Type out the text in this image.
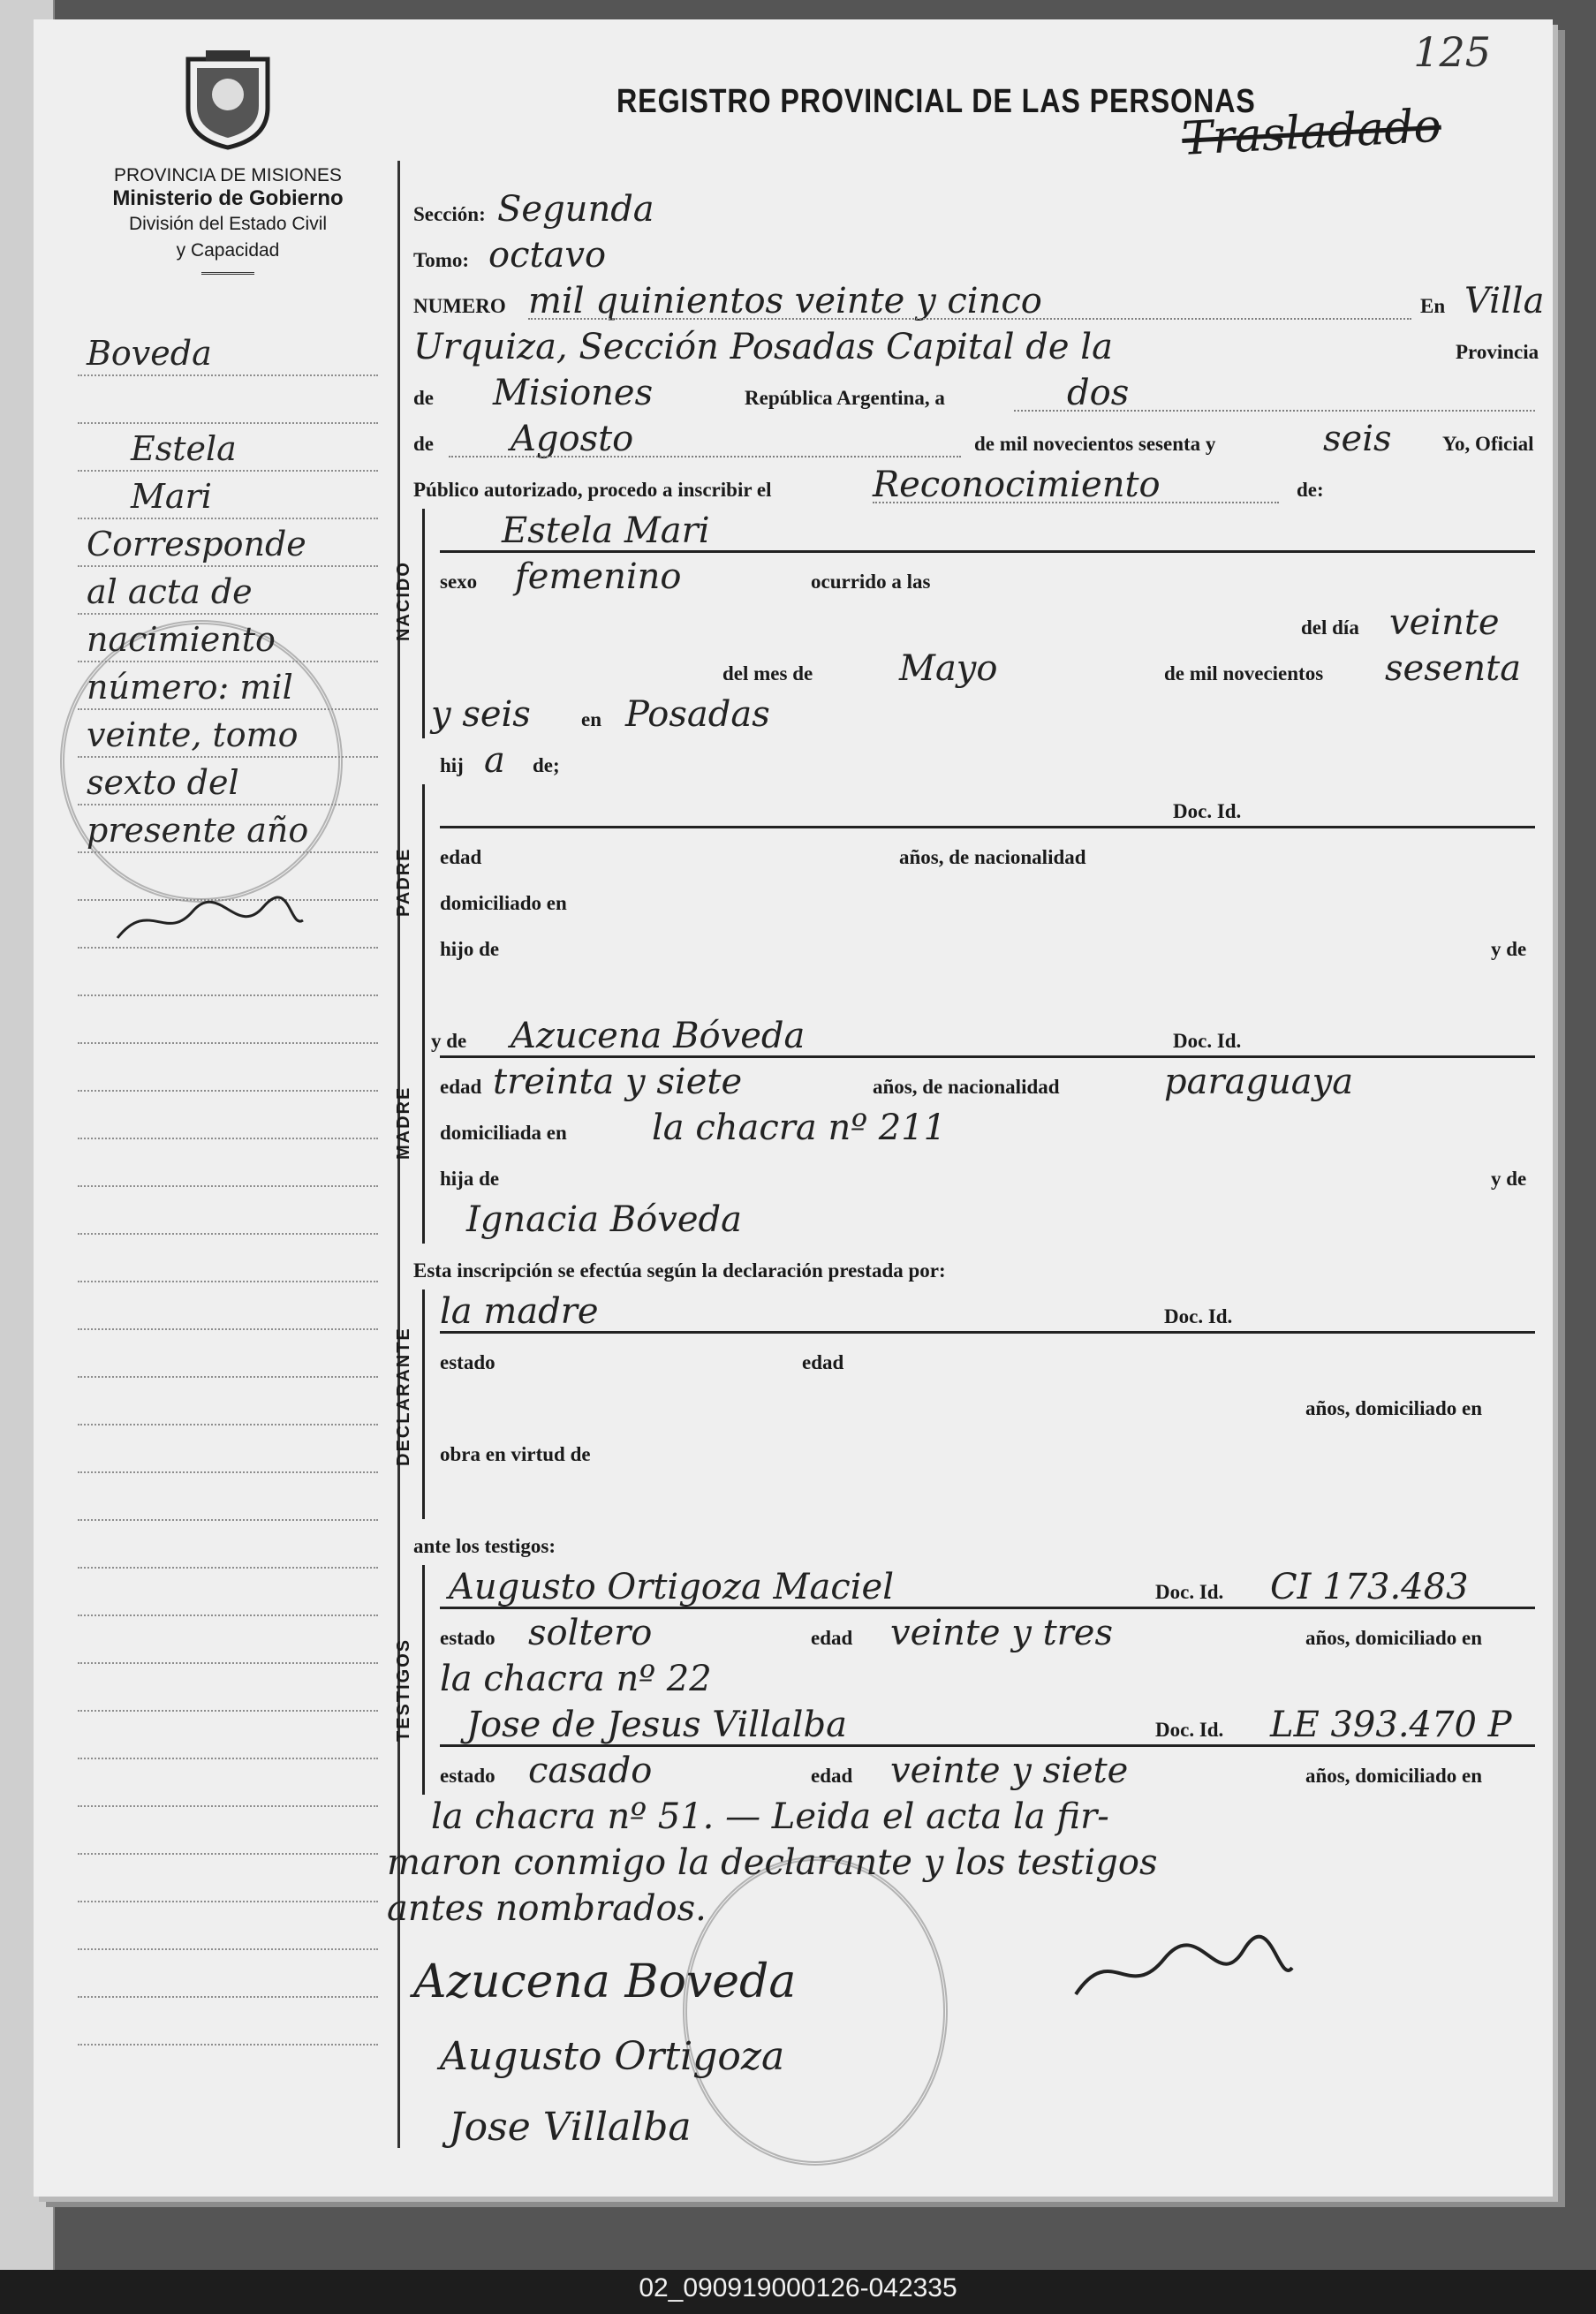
125
PROVINCIA DE MISIONES
Ministerio de Gobierno
División del Estado Civil
y Capacidad
REGISTRO PROVINCIAL DE LAS PERSONAS
Trasladado
Boveda
Estela
Mari
Corresponde
al acta de
nacimiento
número: mil
veinte, tomo
sexto del
presente año
Sección: Segunda
Tomo: octavo
NUMERO mil quinientos veinte y cinco	En Villa
Urquiza, Sección Posadas Capital de la	Provincia
de Misiones	República Argentina, a	dos
de Agosto	de mil novecientos sesenta y	seis Yo, Oficial
Público autorizado, procedo a inscribir el	Reconocimiento	de:
NACIDO
Estela Mari
sexo femenino	ocurrido a las
del día veinte
del mes de Mayo	de mil novecientos sesenta
y seis en Posadas
hij a de;
PADRE
Doc. Id.
edad	años, de nacionalidad
domiciliado en
hijo de	y de
MADRE
y de Azucena Bóveda	Doc. Id.
edad treinta y siete	años, de nacionalidad	paraguaya
domiciliada en la chacra nº 211
hija de	y de
Ignacia Bóveda
Esta inscripción se efectúa según la declaración prestada por:
DECLARANTE
la madre	Doc. Id.
estado	edad
años, domiciliado en
obra en virtud de
ante los testigos:
TESTIGOS
Augusto Ortigoza Maciel	Doc. Id. CI 173.483
estado soltero	edad veinte y tres	años, domiciliado en
la chacra nº 22
Jose de Jesus Villalba	Doc. Id. LE 393.470 P
estado casado	edad veinte y siete	años, domiciliado en
la chacra nº 51. — Leida el acta la fir-
maron conmigo la declarante y los testigos
antes nombrados.
Azucena Boveda
Augusto Ortigoza
Jose Villalba
02_090919000126-042335
